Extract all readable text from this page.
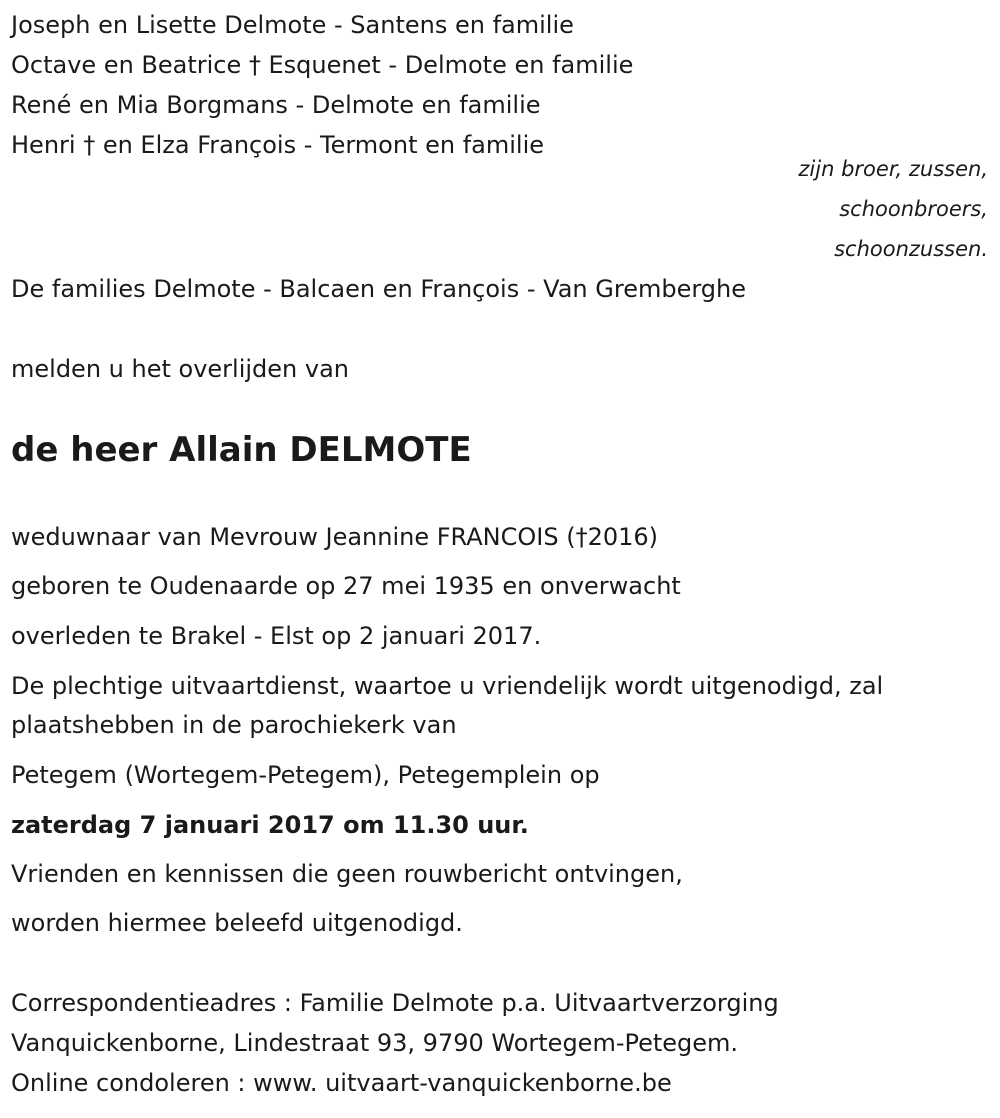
Joseph en Lisette Delmote - Santens en familie

Octave en Beatrice † Esquenet - Delmote en familie

René en Mia Borgmans - Delmote en familie

Henri † en Elza François - Termont en familie

zijn broer, zussen,
schoonbroers,
schoonzussen.

De families Delmote - Balcaen en François - Van Gremberghe

melden u het overlijden van

de heer Allain DELMOTE

weduwnaar van Mevrouw Jeannine FRANCOIS (†2016)

geboren te Oudenaarde op 27 mei 1935 en onverwacht

overleden te Brakel - Elst op 2 januari 2017.

De plechtige uitvaartdienst, waartoe u vriendelijk wordt uitgenodigd, zal

plaatshebben in de parochiekerk van

Petegem (Wortegem-Petegem), Petegemplein op

zaterdag 7 januari 2017 om 11.30 uur.

Vrienden en kennissen die geen rouwbericht ontvingen,

worden hiermee beleefd uitgenodigd.

Correspondentieadres : Familie Delmote p.a. Uitvaartverzorging

Vanquickenborne, Lindestraat 93, 9790 Wortegem-Petegem.

Online condoleren : www. uitvaart-vanquickenborne.be
